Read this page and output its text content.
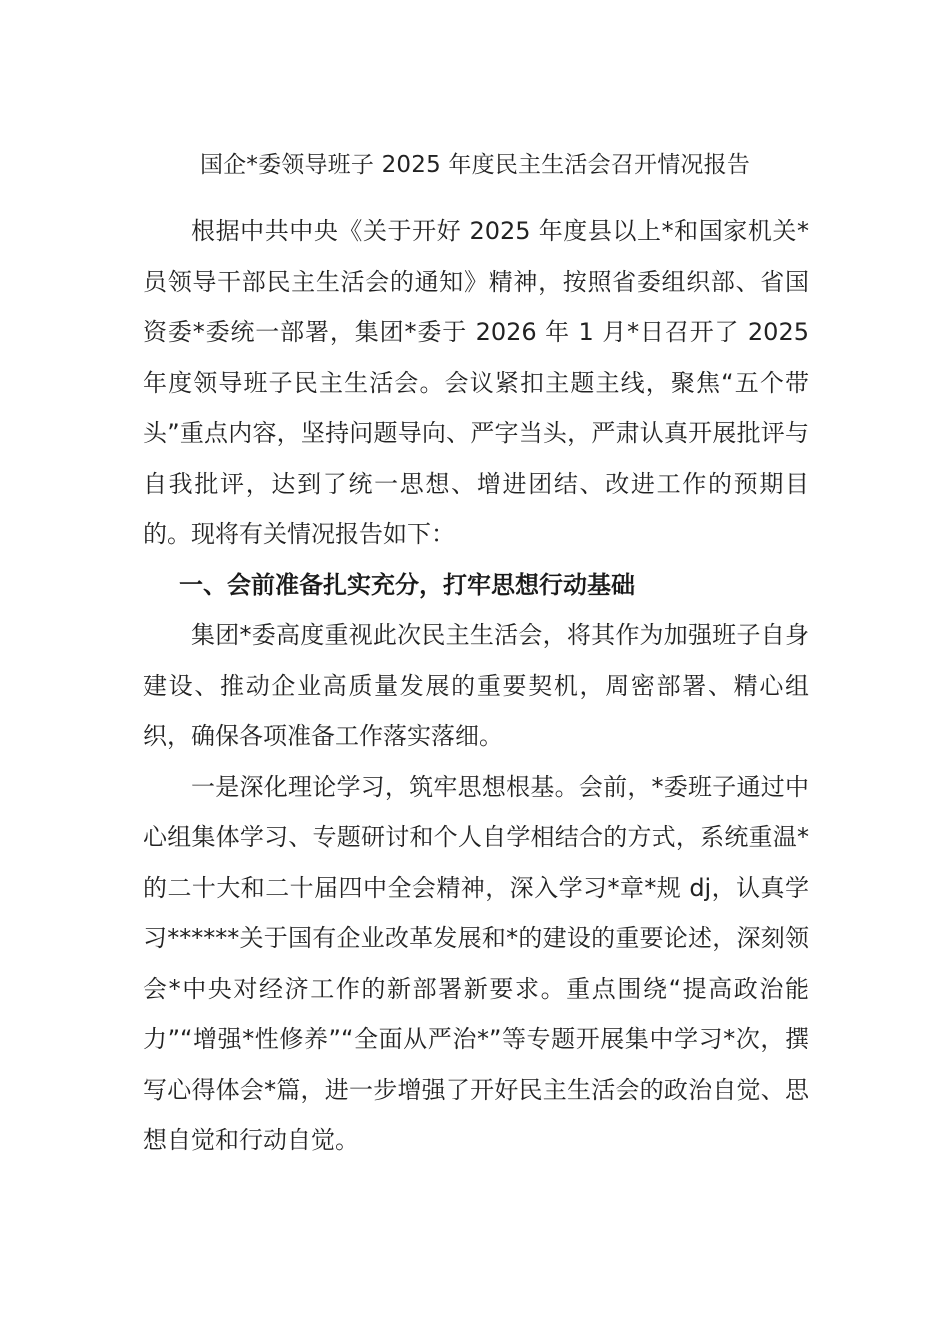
国企*委领导班子 2025 年度民主生活会召开情况报告

根据中共中央《关于开好 2025 年度县以上*和国家机关*员领导干部民主生活会的通知》精神，按照省委组织部、省国资委*委统一部署，集团*委于 2026 年 1 月*日召开了 2025 年度领导班子民主生活会。会议紧扣主题主线，聚焦“五个带头”重点内容，坚持问题导向、严字当头，严肃认真开展批评与自我批评，达到了统一思想、增进团结、改进工作的预期目的。现将有关情况报告如下：

一、会前准备扎实充分，打牢思想行动基础

集团*委高度重视此次民主生活会，将其作为加强班子自身建设、推动企业高质量发展的重要契机，周密部署、精心组织，确保各项准备工作落实落细。

一是深化理论学习，筑牢思想根基。会前，*委班子通过中心组集体学习、专题研讨和个人自学相结合的方式，系统重温*的二十大和二十届四中全会精神，深入学习*章*规 dj，认真学习******关于国有企业改革发展和*的建设的重要论述，深刻领会*中央对经济工作的新部署新要求。重点围绕“提高政治能力”“增强*性修养”“全面从严治*”等专题开展集中学习*次，撰写心得体会*篇，进一步增强了开好民主生活会的政治自觉、思想自觉和行动自觉。
